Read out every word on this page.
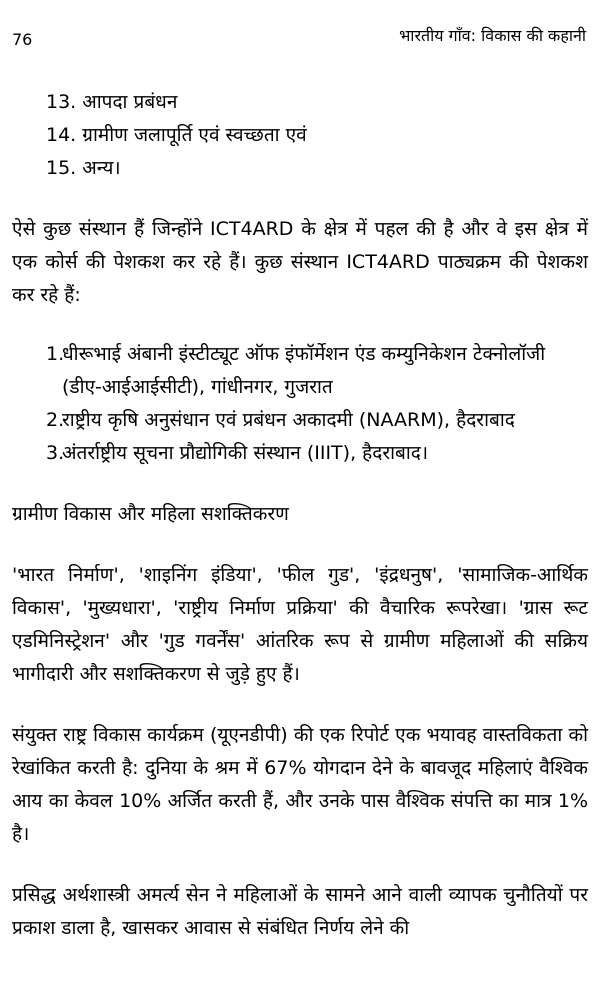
76	भारतीय गाँव: विकास की कहानी
13. आपदा प्रबंधन
14. ग्रामीण जलापूर्ति एवं स्वच्छता एवं
15. अन्य।

ऐसे कुछ संस्थान हैं जिन्होंने ICT4ARD के क्षेत्र में पहल की है और वे इस क्षेत्र में एक कोर्स की पेशकश कर रहे हैं। कुछ संस्थान ICT4ARD पाठ्यक्रम की पेशकश कर रहे हैं:

1.
धीरूभाई अंबानी इंस्टीट्यूट ऑफ इंफॉर्मेशन एंड कम्युनिकेशन टेक्नोलॉजी (डीए-आईआईसीटी), गांधीनगर, गुजरात
2.
राष्ट्रीय कृषि अनुसंधान एवं प्रबंधन अकादमी (NAARM), हैदराबाद
3.
अंतर्राष्ट्रीय सूचना प्रौद्योगिकी संस्थान (IIIT), हैदराबाद।

ग्रामीण विकास और महिला सशक्तिकरण

'भारत निर्माण', 'शाइनिंग इंडिया', 'फील गुड', 'इंद्रधनुष', 'सामाजिक-आर्थिक विकास', 'मुख्यधारा', 'राष्ट्रीय निर्माण प्रक्रिया' की वैचारिक रूपरेखा। 'ग्रास रूट एडमिनिस्ट्रेशन' और 'गुड गवर्नेंस' आंतरिक रूप से ग्रामीण महिलाओं की सक्रिय भागीदारी और सशक्तिकरण से जुड़े हुए हैं।

संयुक्त राष्ट्र विकास कार्यक्रम (यूएनडीपी) की एक रिपोर्ट एक भयावह वास्तविकता को रेखांकित करती है: दुनिया के श्रम में 67% योगदान देने के बावजूद महिलाएं वैश्विक आय का केवल 10% अर्जित करती हैं, और उनके पास वैश्विक संपत्ति का मात्र 1% है।

प्रसिद्ध अर्थशास्त्री अमर्त्य सेन ने महिलाओं के सामने आने वाली व्यापक चुनौतियों पर प्रकाश डाला है, खासकर आवास से संबंधित निर्णय लेने की
